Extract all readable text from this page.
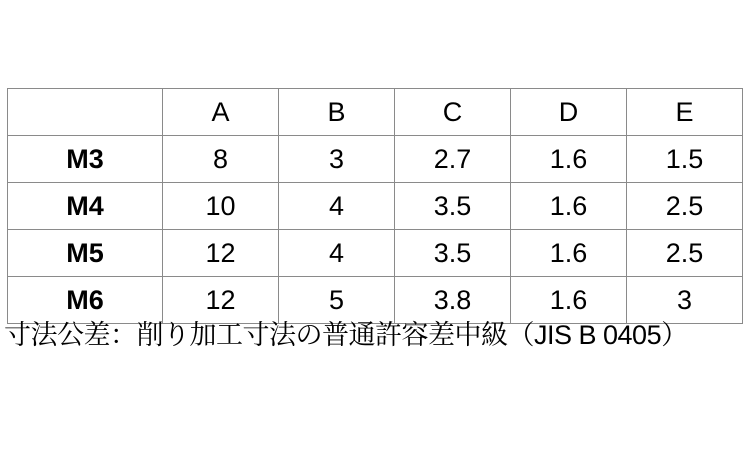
	A	B	C	D	E
M3	8	3	2.7	1.6	1.5
M4	10	4	3.5	1.6	2.5
M5	12	4	3.5	1.6	2.5
M6	12	5	3.8	1.6	3
寸法公差：削り加工寸法の普通許容差中級（JIS B 0405）
